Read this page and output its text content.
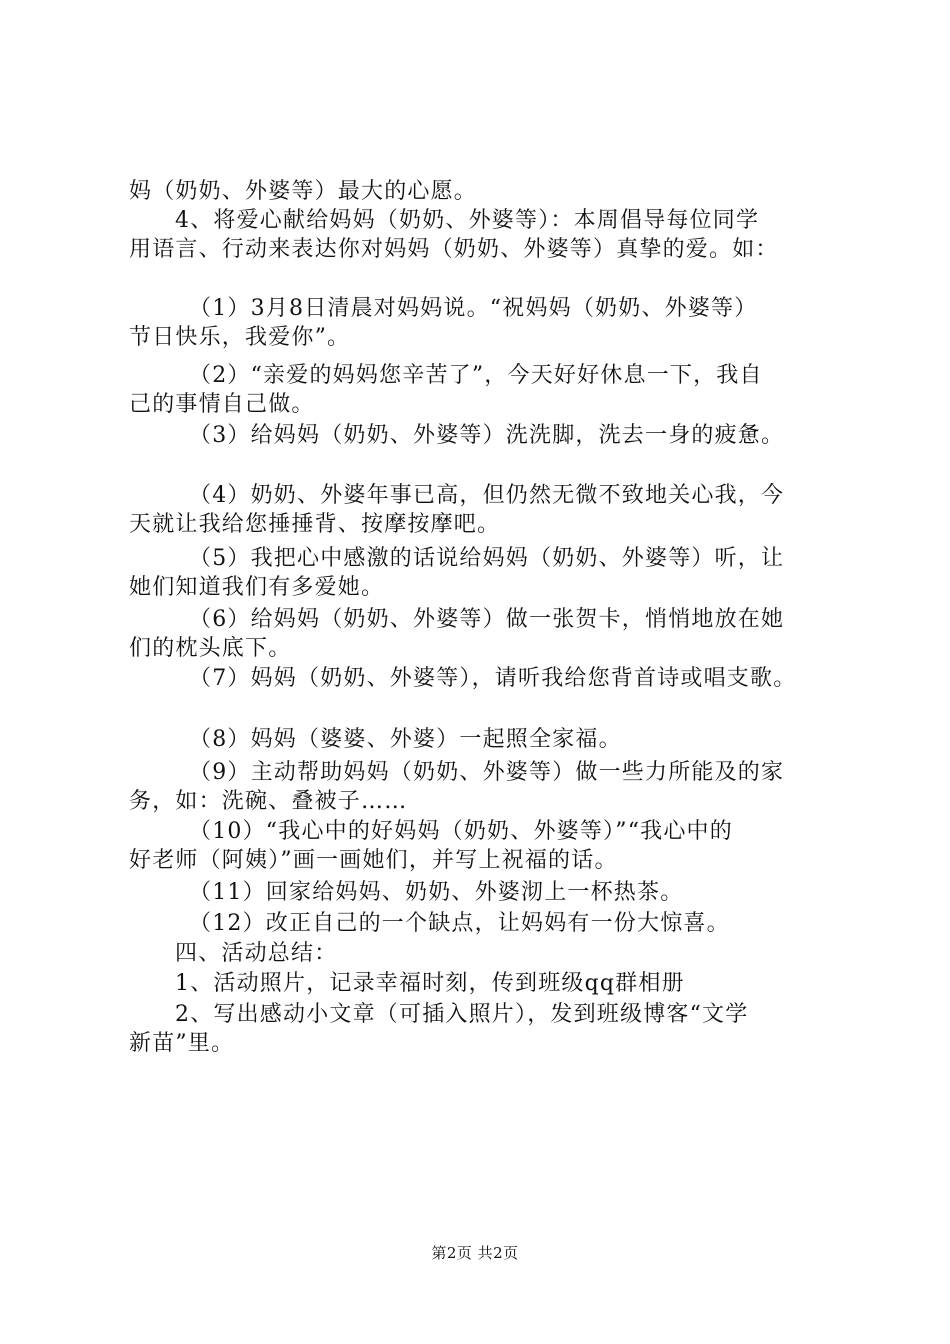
妈（奶奶、外婆等）最大的心愿。
4、将爱心献给妈妈（奶奶、外婆等）：本周倡导每位同学
用语言、行动来表达你对妈妈（奶奶、外婆等）真挚的爱。如：
（1）3月8日清晨对妈妈说。“祝妈妈（奶奶、外婆等）
节日快乐，我爱你”。
（2）“亲爱的妈妈您辛苦了”，今天好好休息一下，我自
己的事情自己做。
（3）给妈妈（奶奶、外婆等）洗洗脚，洗去一身的疲惫。
（4）奶奶、外婆年事已高，但仍然无微不致地关心我，今
天就让我给您捶捶背、按摩按摩吧。
（5）我把心中感激的话说给妈妈（奶奶、外婆等）听，让
她们知道我们有多爱她。
（6）给妈妈（奶奶、外婆等）做一张贺卡，悄悄地放在她
们的枕头底下。
（7）妈妈（奶奶、外婆等），请听我给您背首诗或唱支歌。
（8）妈妈（婆婆、外婆）一起照全家福。
（9）主动帮助妈妈（奶奶、外婆等）做一些力所能及的家
务，如：洗碗、叠被子……
（10）“我心中的好妈妈（奶奶、外婆等）”“我心中的
好老师（阿姨）”画一画她们，并写上祝福的话。
（11）回家给妈妈、奶奶、外婆沏上一杯热茶。
（12）改正自己的一个缺点，让妈妈有一份大惊喜。
四、活动总结：
1、活动照片，记录幸福时刻，传到班级qq群相册
2、写出感动小文章（可插入照片），发到班级博客“文学
新苗”里。
第2页 共2页
